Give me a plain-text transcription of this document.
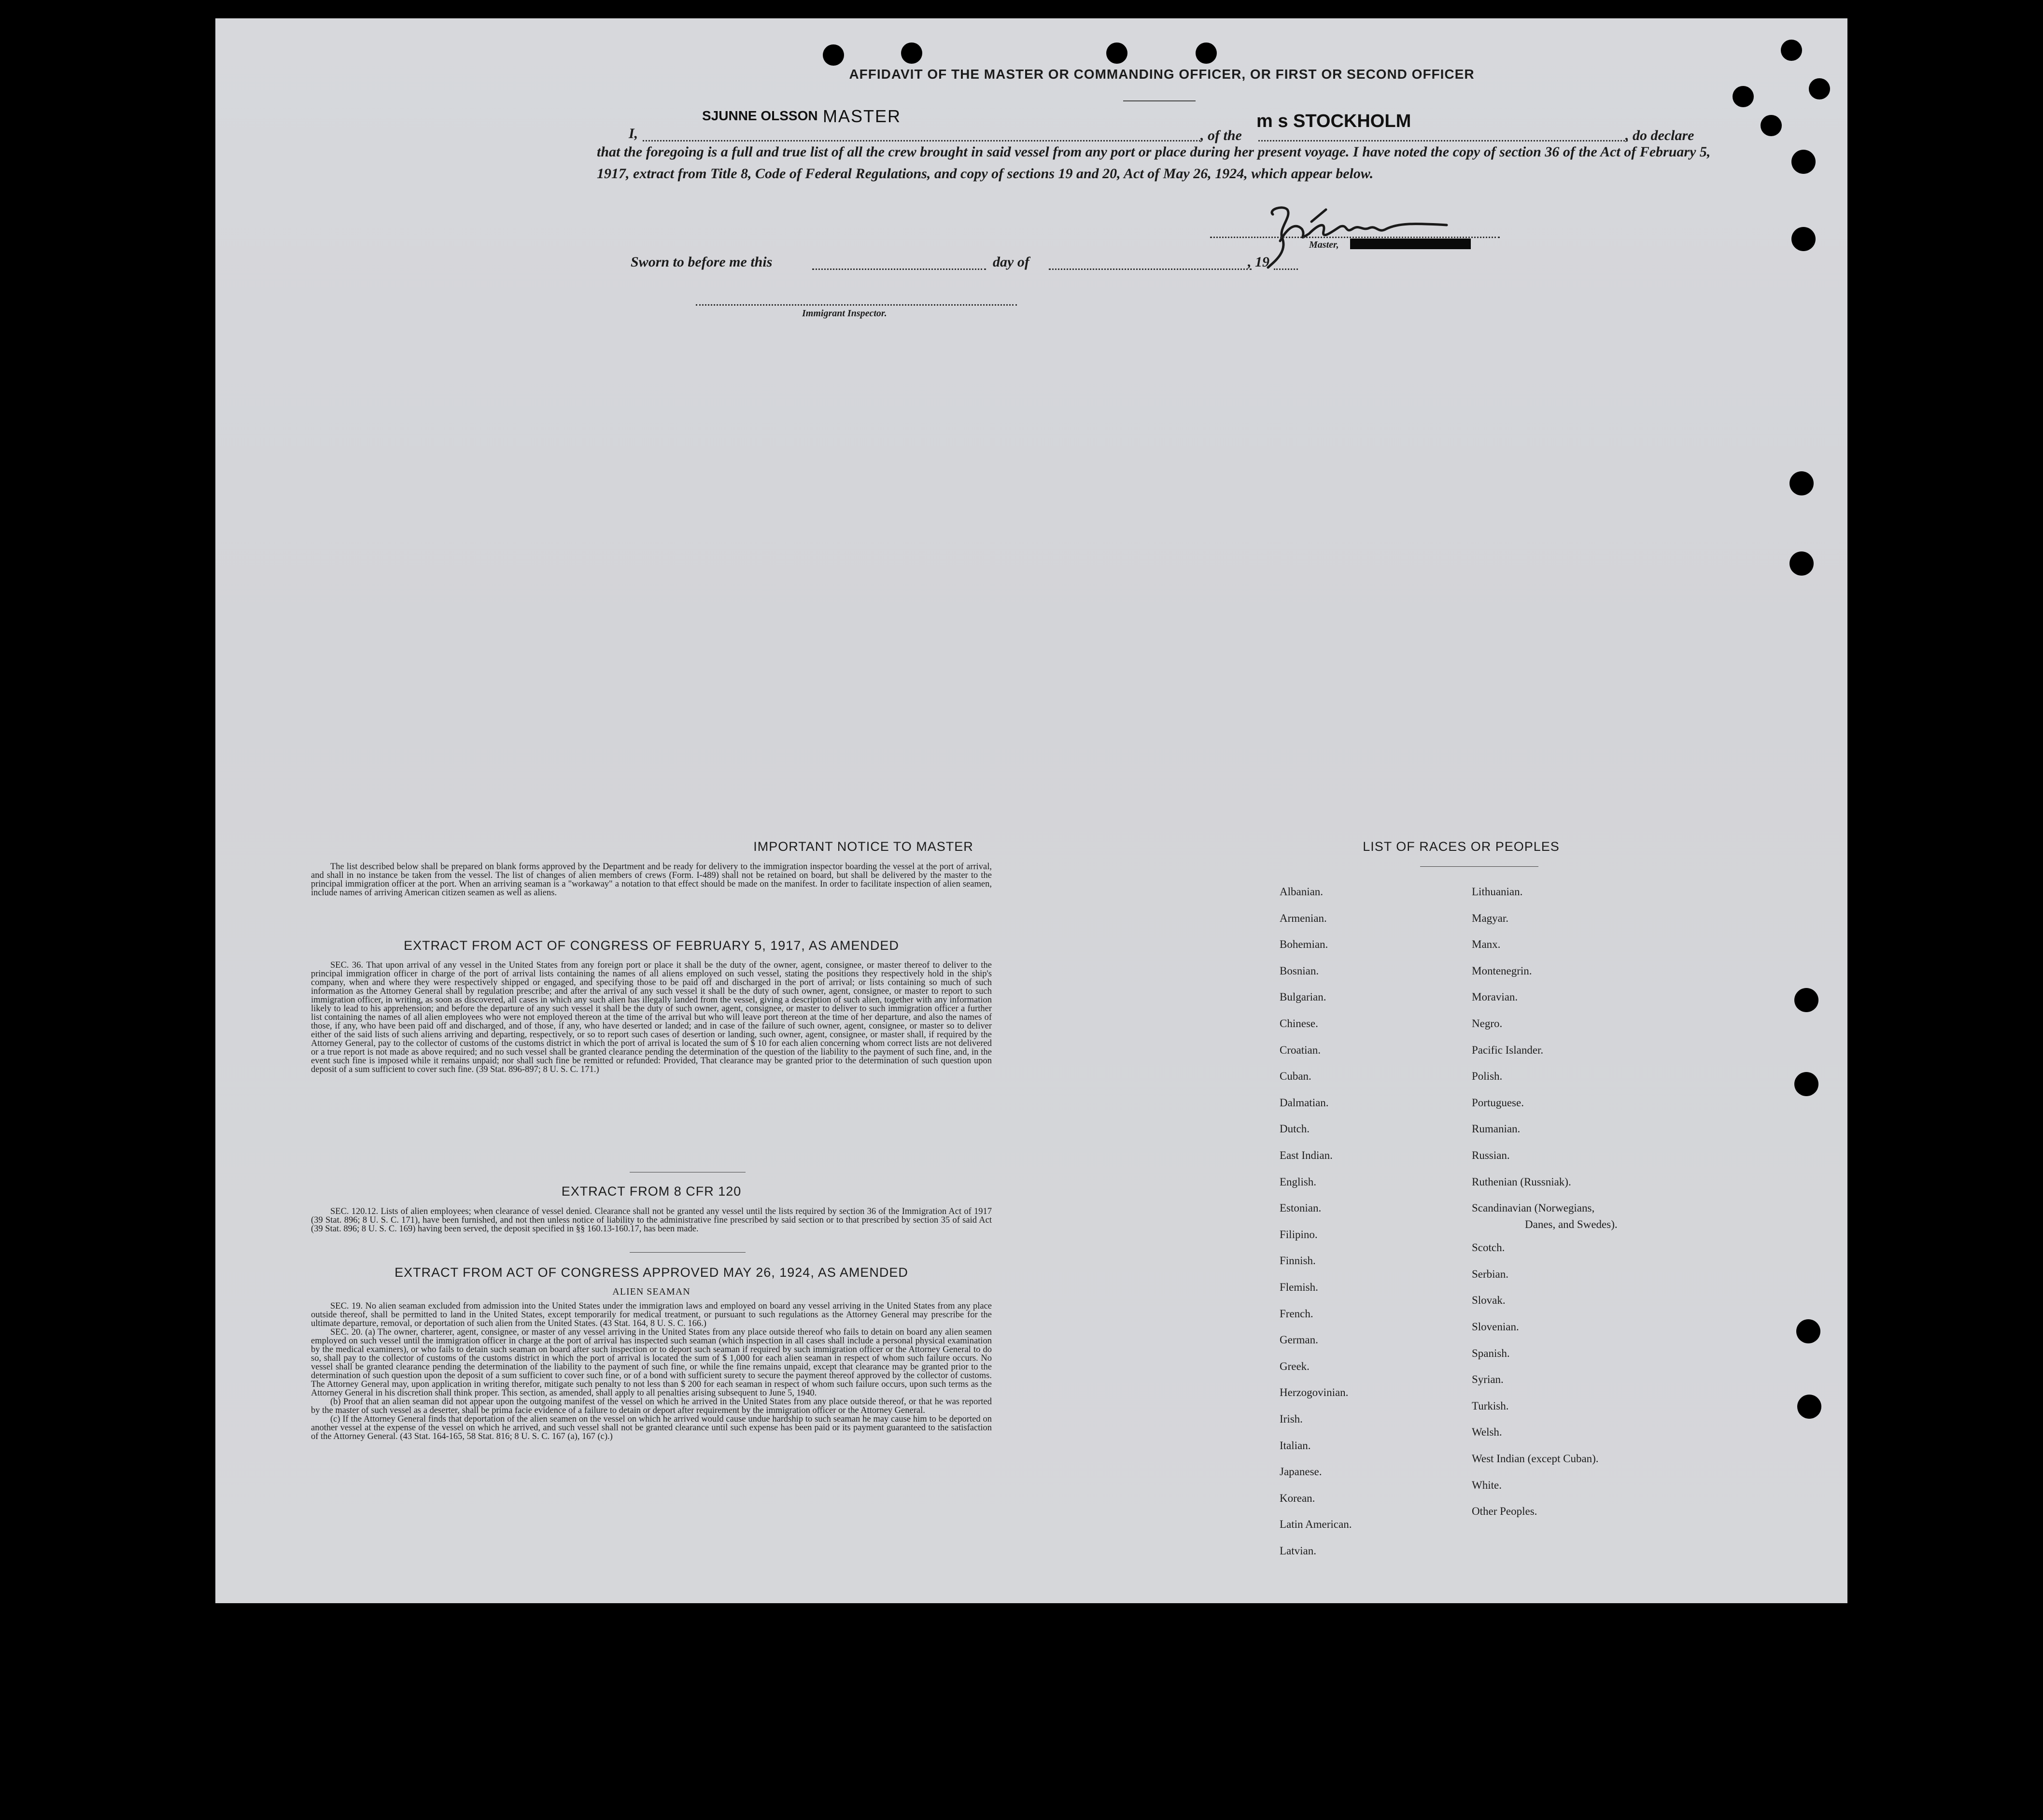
AFFIDAVIT OF THE MASTER OR COMMANDING OFFICER, OR FIRST OR SECOND OFFICER
I,
SJUNNE OLSSON MASTER
, of the
m s STOCKHOLM
, do declare
that the foregoing is a full and true list of all the crew brought in said vessel from any port or place during her present voyage. I have noted the copy of section 36 of the Act of February 5, 1917, extract from Title 8, Code of Federal Regulations, and copy of sections 19 and 20, Act of May 26, 1924, which appear below.
Master,
Sworn to before me this	day of	, 19
Immigrant Inspector.
IMPORTANT NOTICE TO MASTER

The list described below shall be prepared on blank forms approved by the Department and be ready for delivery to the immigration inspector boarding the vessel at the port of arrival, and shall in no instance be taken from the vessel. The list of changes of alien members of crews (Form. I-489) shall not be retained on board, but shall be delivered by the master to the principal immigration officer at the port. When an arriving seaman is a "workaway" a notation to that effect should be made on the manifest. In order to facilitate inspection of alien seamen, include names of arriving American citizen seamen as well as aliens.

EXTRACT FROM ACT OF CONGRESS OF FEBRUARY 5, 1917, AS AMENDED

SEC. 36. That upon arrival of any vessel in the United States from any foreign port or place it shall be the duty of the owner, agent, consignee, or master thereof to deliver to the principal immigration officer in charge of the port of arrival lists containing the names of all aliens employed on such vessel, stating the positions they respectively hold in the ship's company, when and where they were respectively shipped or engaged, and specifying those to be paid off and discharged in the port of arrival; or lists containing so much of such information as the Attorney General shall by regulation prescribe; and after the arrival of any such vessel it shall be the duty of such owner, agent, consignee, or master to report to such immigration officer, in writing, as soon as discovered, all cases in which any such alien has illegally landed from the vessel, giving a description of such alien, together with any information likely to lead to his apprehension; and before the departure of any such vessel it shall be the duty of such owner, agent, consignee, or master to deliver to such immigration officer a further list containing the names of all alien employees who were not employed thereon at the time of the arrival but who will leave port thereon at the time of her departure, and also the names of those, if any, who have been paid off and discharged, and of those, if any, who have deserted or landed; and in case of the failure of such owner, agent, consignee, or master so to deliver either of the said lists of such aliens arriving and departing, respectively, or so to report such cases of desertion or landing, such owner, agent, consignee, or master shall, if required by the Attorney General, pay to the collector of customs of the customs district in which the port of arrival is located the sum of $ 10 for each alien concerning whom correct lists are not delivered or a true report is not made as above required; and no such vessel shall be granted clearance pending the determination of the question of the liability to the payment of such fine, and, in the event such fine is imposed while it remains unpaid; nor shall such fine be remitted or refunded: Provided, That clearance may be granted prior to the determination of such question upon deposit of a sum sufficient to cover such fine. (39 Stat. 896-897; 8 U. S. C. 171.)

EXTRACT FROM 8 CFR 120

SEC. 120.12. Lists of alien employees; when clearance of vessel denied. Clearance shall not be granted any vessel until the lists required by section 36 of the Immigration Act of 1917 (39 Stat. 896; 8 U. S. C. 171), have been furnished, and not then unless notice of liability to the administrative fine prescribed by said section or to that prescribed by section 35 of said Act (39 Stat. 896; 8 U. S. C. 169) having been served, the deposit specified in §§ 160.13-160.17, has been made.

EXTRACT FROM ACT OF CONGRESS APPROVED MAY 26, 1924, AS AMENDED
ALIEN SEAMAN

SEC. 19. No alien seaman excluded from admission into the United States under the immigration laws and employed on board any vessel arriving in the United States from any place outside thereof, shall be permitted to land in the United States, except temporarily for medical treatment, or pursuant to such regulations as the Attorney General may prescribe for the ultimate departure, removal, or deportation of such alien from the United States. (43 Stat. 164, 8 U. S. C. 166.)

SEC. 20. (a) The owner, charterer, agent, consignee, or master of any vessel arriving in the United States from any place outside thereof who fails to detain on board any alien seamen employed on such vessel until the immigration officer in charge at the port of arrival has inspected such seaman (which inspection in all cases shall include a personal physical examination by the medical examiners), or who fails to detain such seaman on board after such inspection or to deport such seaman if required by such immigration officer or the Attorney General to do so, shall pay to the collector of customs of the customs district in which the port of arrival is located the sum of $ 1,000 for each alien seaman in respect of whom such failure occurs. No vessel shall be granted clearance pending the determination of the liability to the payment of such fine, or while the fine remains unpaid, except that clearance may be granted prior to the determination of such question upon the deposit of a sum sufficient to cover such fine, or of a bond with sufficient surety to secure the payment thereof approved by the collector of customs. The Attorney General may, upon application in writing therefor, mitigate such penalty to not less than $ 200 for each seaman in respect of whom such failure occurs, upon such terms as the Attorney General in his discretion shall think proper. This section, as amended, shall apply to all penalties arising subsequent to June 5, 1940.

(b) Proof that an alien seaman did not appear upon the outgoing manifest of the vessel on which he arrived in the United States from any place outside thereof, or that he was reported by the master of such vessel as a deserter, shall be prima facie evidence of a failure to detain or deport after requirement by the immigration officer or the Attorney General.

(c) If the Attorney General finds that deportation of the alien seamen on the vessel on which he arrived would cause undue hardship to such seaman he may cause him to be deported on another vessel at the expense of the vessel on which he arrived, and such vessel shall not be granted clearance until such expense has been paid or its payment guaranteed to the satisfaction of the Attorney General. (43 Stat. 164-165, 58 Stat. 816; 8 U. S. C. 167 (a), 167 (c).)

LIST OF RACES OR PEOPLES
Danes, and Swedes).
Albanian.
Armenian.
Bohemian.
Bosnian.
Bulgarian.
Chinese.
Croatian.
Cuban.
Dalmatian.
Dutch.
East Indian.
English.
Estonian.
Filipino.
Finnish.
Flemish.
French.
German.
Greek.
Herzogovinian.
Irish.
Italian.
Japanese.
Korean.
Latin American.
Latvian.
Lithuanian.
Magyar.
Manx.
Montenegrin.
Moravian.
Negro.
Pacific Islander.
Polish.
Portuguese.
Rumanian.
Russian.
Ruthenian (Russniak).
Scandinavian (Norwegians,
Scotch.
Serbian.
Slovak.
Slovenian.
Spanish.
Syrian.
Turkish.
Welsh.
West Indian (except Cuban).
White.
Other Peoples.
